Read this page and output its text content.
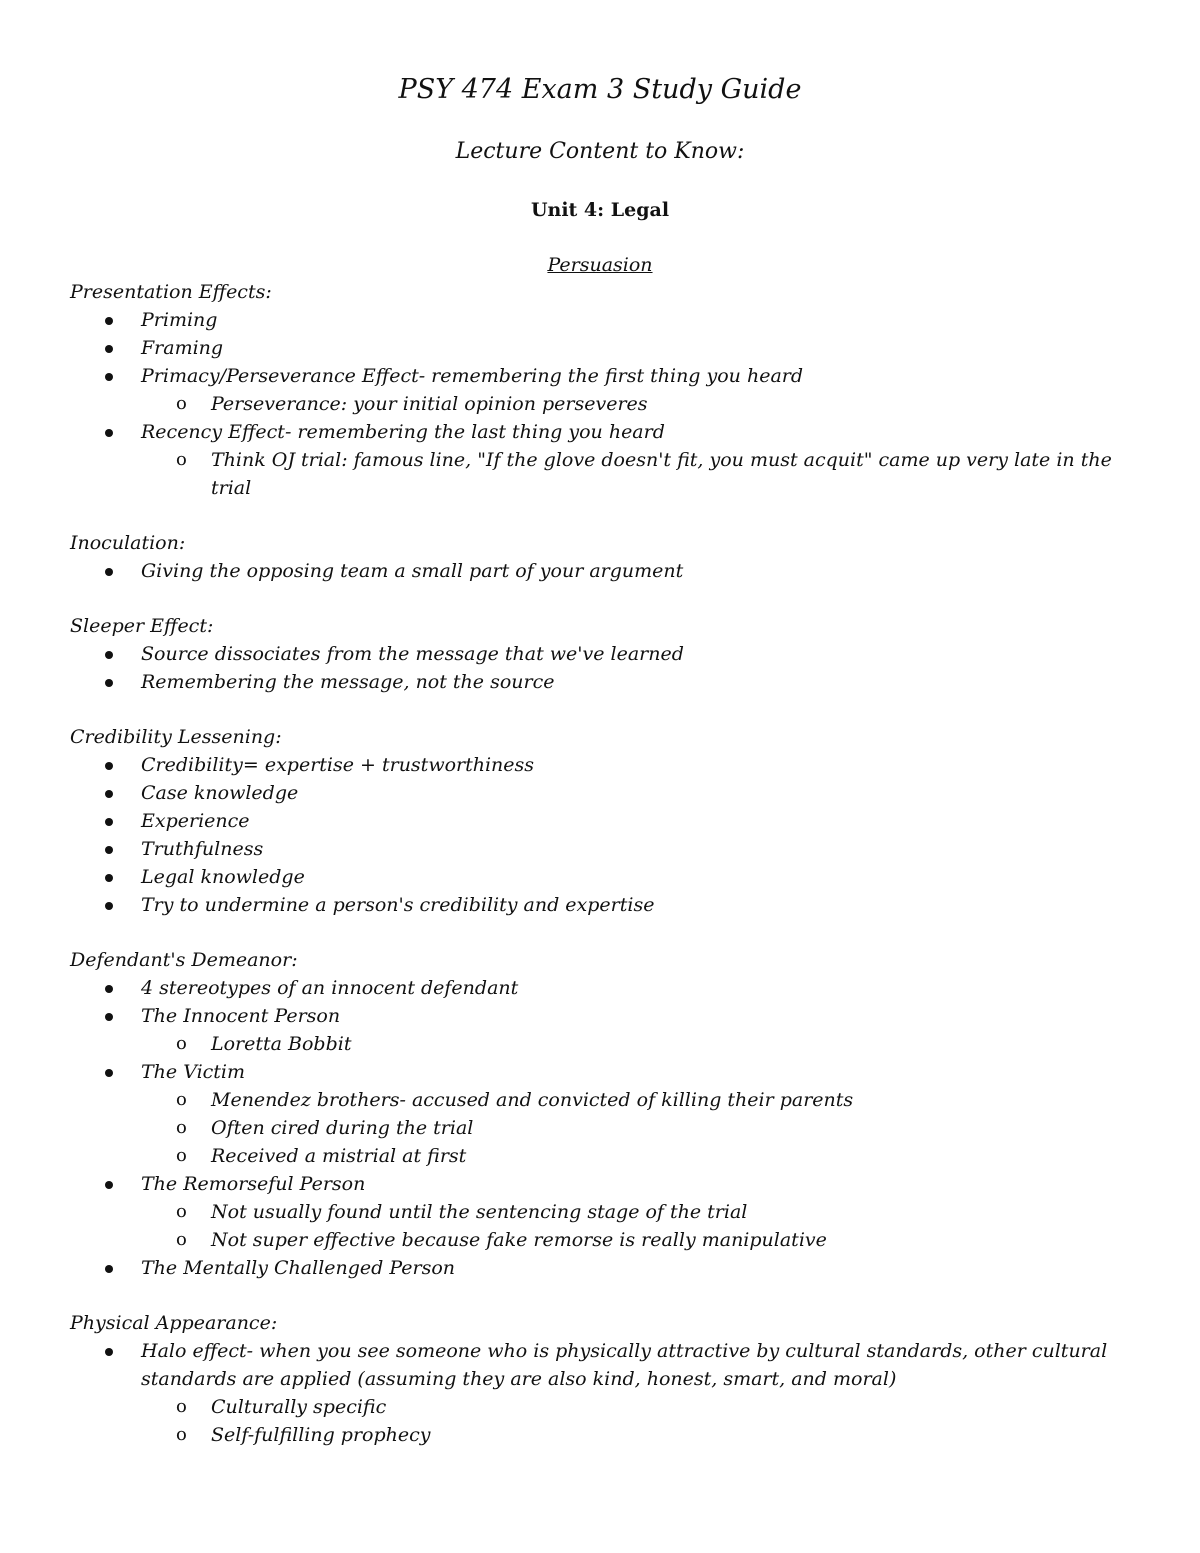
PSY 474 Exam 3 Study Guide
Lecture Content to Know:
Unit 4: Legal
Persuasion
Presentation Effects:
Priming
Framing
Primacy/Perseverance Effect- remembering the first thing you heard
o Perseverance: your initial opinion perseveres
Recency Effect- remembering the last thing you heard
o Think OJ trial: famous line, "If the glove doesn't fit, you must acquit" came up very late in the
trial
Inoculation:
Giving the opposing team a small part of your argument
Sleeper Effect:
Source dissociates from the message that we've learned
Remembering the message, not the source
Credibility Lessening:
Credibility= expertise + trustworthiness
Case knowledge
Experience
Truthfulness
Legal knowledge
Try to undermine a person's credibility and expertise
Defendant's Demeanor:
4 stereotypes of an innocent defendant
The Innocent Person
o Loretta Bobbit
The Victim
o Menendez brothers- accused and convicted of killing their parents
o Often cired during the trial
o Received a mistrial at first
The Remorseful Person
o Not usually found until the sentencing stage of the trial
o Not super effective because fake remorse is really manipulative
The Mentally Challenged Person
Physical Appearance:
Halo effect- when you see someone who is physically attractive by cultural standards, other cultural
standards are applied (assuming they are also kind, honest, smart, and moral)
o Culturally specific
o Self-fulfilling prophecy
